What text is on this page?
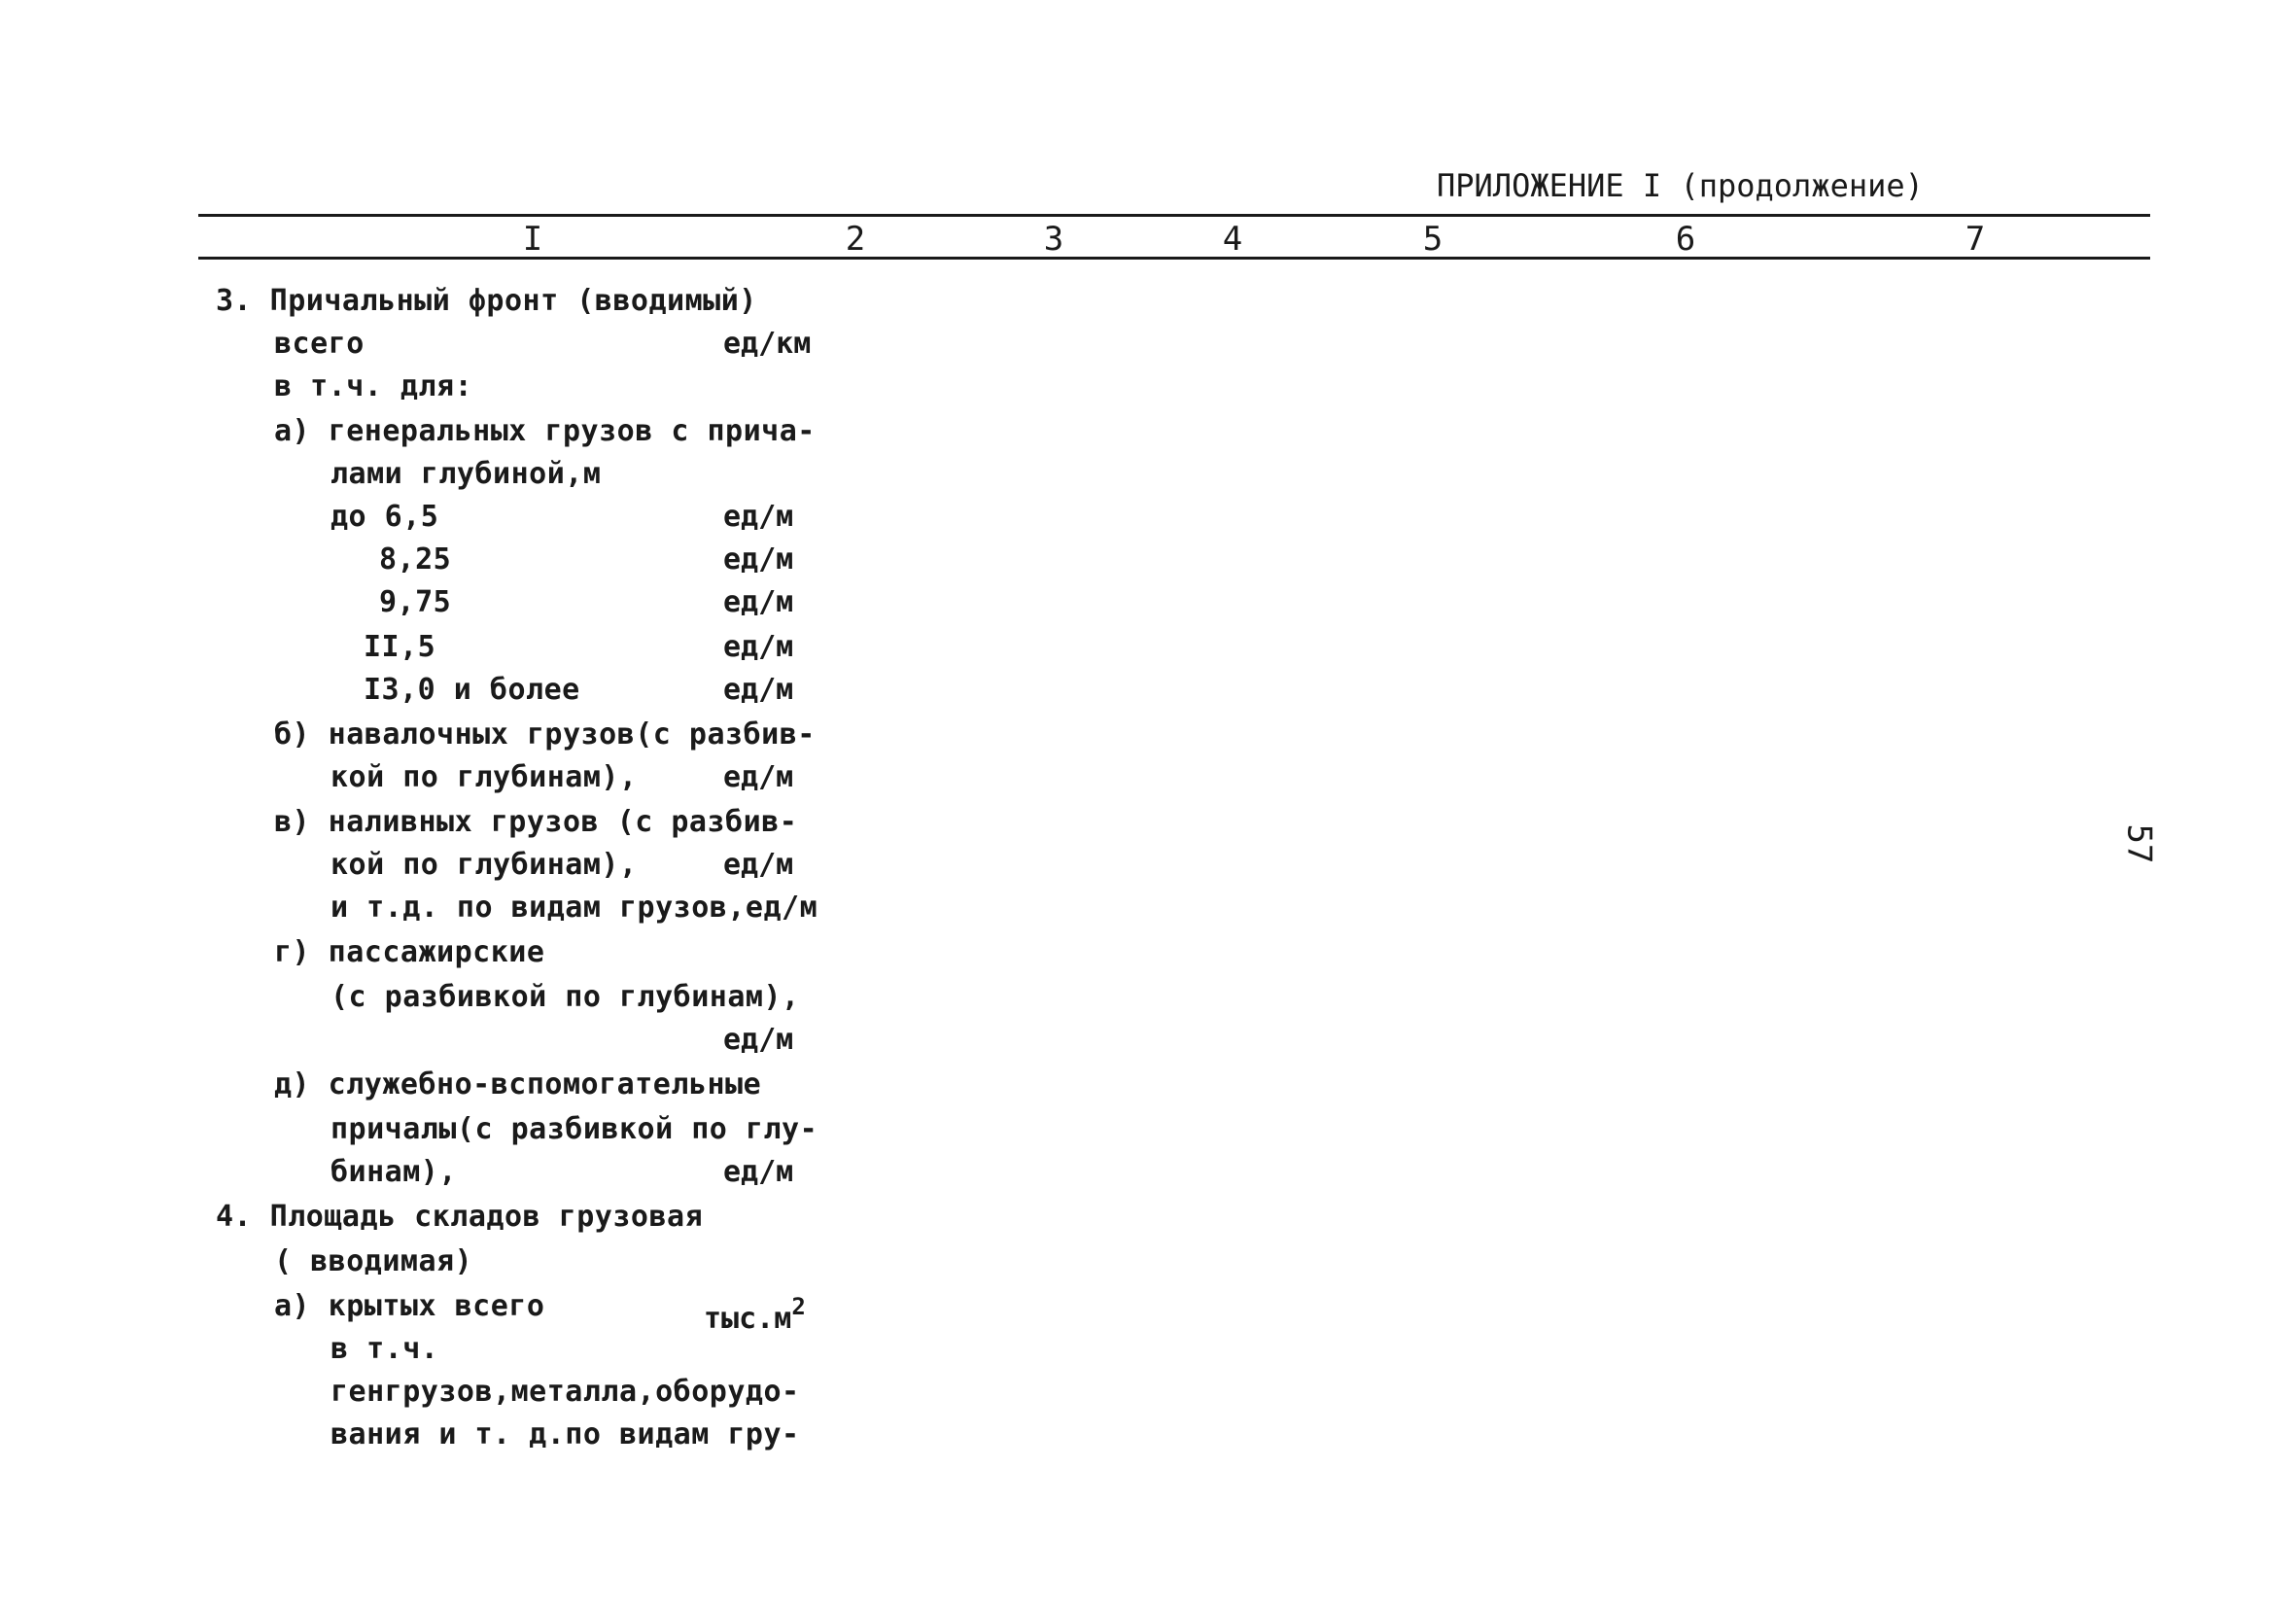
ПРИЛОЖЕНИЕ I (продолжение)
I	2	3	4	5	6	7
3. Причальный фронт (вводимый)
всего	ед/км
в т.ч. для:
а) генеральных грузов с прича-
лами глубиной,м
до 6,5	ед/м
8,25	ед/м
9,75	ед/м
II,5	ед/м
I3,0 и более	ед/м
б) навалочных грузов(с разбив-
кой по глубинам),	ед/м
в) наливных грузов (с разбив-
кой по глубинам),	ед/м
и т.д. по видам грузов,ед/м
г) пассажирские
(с разбивкой по глубинам),
ед/м
д) служебно-вспомогательные
причалы(с разбивкой по глу-
бинам),	ед/м
4. Площадь складов грузовая
( вводимая)
а) крытых всего	$тыс.м^2$
в т.ч.
генгрузов,металла,оборудо-
вания и т. д.по видам гру-
57
